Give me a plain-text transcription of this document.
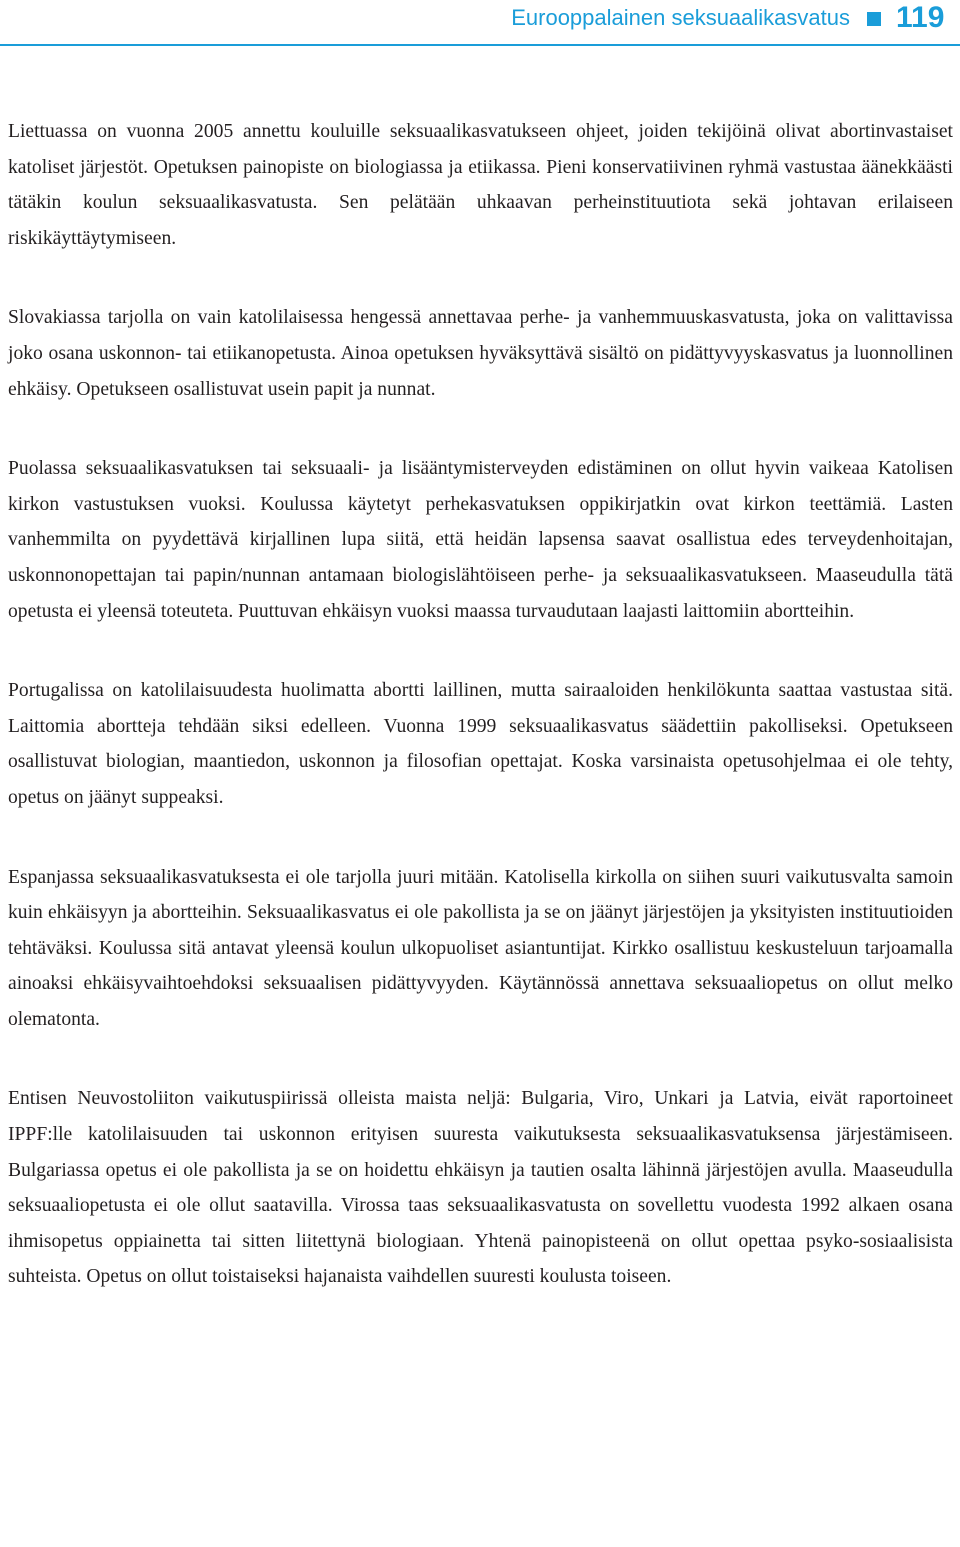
Eurooppalainen seksuaalikasvatus 119

Liettuassa on vuonna 2005 annettu kouluille seksuaalikasvatukseen ohjeet, joiden tekijöinä olivat abortinvastaiset katoliset järjestöt. Opetuksen painopiste on biologiassa ja etiikassa. Pieni konservatiivinen ryhmä vastustaa äänekkäästi tätäkin koulun seksuaalikasvatusta. Sen pelätään uhkaavan perheinstituutiota sekä johtavan erilaiseen riskikäyttäytymiseen.

Slovakiassa tarjolla on vain katolilaisessa hengessä annettavaa perhe- ja vanhemmuuskasvatusta, joka on valittavissa joko osana uskonnon- tai etiikanopetusta. Ainoa opetuksen hyväksyttävä sisältö on pidättyvyyskasvatus ja luonnollinen ehkäisy. Opetukseen osallistuvat usein papit ja nunnat.

Puolassa seksuaalikasvatuksen tai seksuaali- ja lisääntymisterveyden edistäminen on ollut hyvin vaikeaa Katolisen kirkon vastustuksen vuoksi. Koulussa käytetyt perhekasvatuksen oppikirjatkin ovat kirkon teettämiä. Lasten vanhemmilta on pyydettävä kirjallinen lupa siitä, että heidän lapsensa saavat osallistua edes terveydenhoitajan, uskonnonopettajan tai papin/nunnan antamaan biologislähtöiseen perhe- ja seksuaalikasvatukseen. Maaseudulla tätä opetusta ei yleensä toteuteta. Puuttuvan ehkäisyn vuoksi maassa turvaudutaan laajasti laittomiin abortteihin.

Portugalissa on katolilaisuudesta huolimatta abortti laillinen, mutta sairaaloiden henkilökunta saattaa vastustaa sitä. Laittomia abortteja tehdään siksi edelleen. Vuonna 1999 seksuaalikasvatus säädettiin pakolliseksi. Opetukseen osallistuvat biologian, maantiedon, uskonnon ja filosofian opettajat. Koska varsinaista opetusohjelmaa ei ole tehty, opetus on jäänyt suppeaksi.

Espanjassa seksuaalikasvatuksesta ei ole tarjolla juuri mitään. Katolisella kirkolla on siihen suuri vaikutusvalta samoin kuin ehkäisyyn ja abortteihin. Seksuaalikasvatus ei ole pakollista ja se on jäänyt järjestöjen ja yksityisten instituutioiden tehtäväksi. Koulussa sitä antavat yleensä koulun ulkopuoliset asiantuntijat. Kirkko osallistuu keskusteluun tarjoamalla ainoaksi ehkäisyvaihtoehdoksi seksuaalisen pidättyvyyden. Käytännössä annettava seksuaaliopetus on ollut melko olematonta.

Entisen Neuvostoliiton vaikutuspiirissä olleista maista neljä: Bulgaria, Viro, Unkari ja Latvia, eivät raportoineet IPPF:lle katolilaisuuden tai uskonnon erityisen suuresta vaikutuksesta seksuaalikasvatuksensa järjestämiseen. Bulgariassa opetus ei ole pakollista ja se on hoidettu ehkäisyn ja tautien osalta lähinnä järjestöjen avulla. Maaseudulla seksuaaliopetusta ei ole ollut saatavilla. Virossa taas seksuaalikasvatusta on sovellettu vuodesta 1992 alkaen osana ihmisopetus oppiainetta tai sitten liitettynä biologiaan. Yhtenä painopisteenä on ollut opettaa psyko-sosiaalisista suhteista. Opetus on ollut toistaiseksi hajanaista vaihdellen suuresti koulusta toiseen.
